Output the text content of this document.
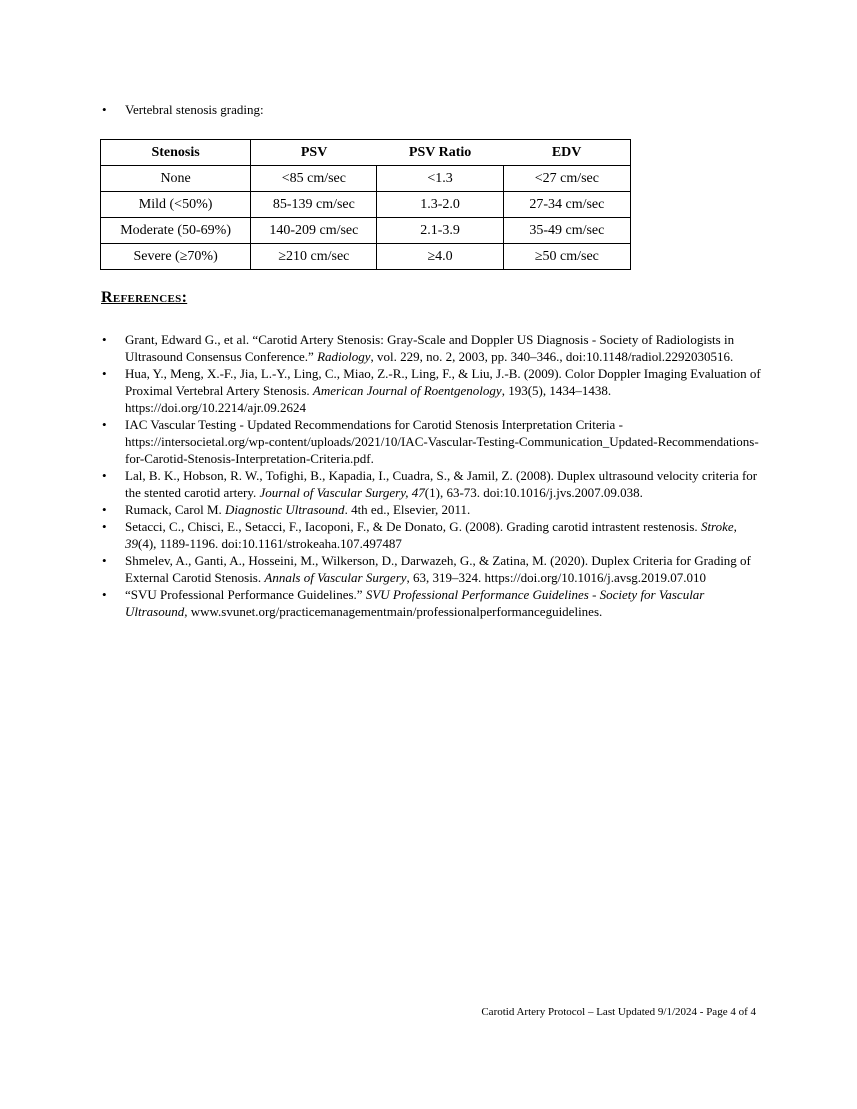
•	Vertebral stenosis grading:
Stenosis	PSV	PSV Ratio	EDV
None	<85 cm/sec	<1.3	<27 cm/sec
Mild (<50%)	85-139 cm/sec	1.3-2.0	27-34 cm/sec
Moderate (50-69%)	140-209 cm/sec	2.1-3.9	35-49 cm/sec
Severe (≥70%)	≥210 cm/sec	≥4.0	≥50 cm/sec
References:
•	Grant, Edward G., et al. “Carotid Artery Stenosis: Gray-Scale and Doppler US Diagnosis - Society of Radiologists in Ultrasound Consensus Conference.” Radiology, vol. 229, no. 2, 2003, pp. 340–346., doi:10.1148/radiol.2292030516.
•	Hua, Y., Meng, X.-F., Jia, L.-Y., Ling, C., Miao, Z.-R., Ling, F., & Liu, J.-B. (2009). Color Doppler Imaging Evaluation of Proximal Vertebral Artery Stenosis. American Journal of Roentgenology, 193(5), 1434–1438. https://doi.org/10.2214/ajr.09.2624
•	IAC Vascular Testing - Updated Recommendations for Carotid Stenosis Interpretation Criteria - https://intersocietal.org/wp-content/uploads/2021/10/IAC-Vascular-Testing-Communication_Updated-Recommendations-for-Carotid-Stenosis-Interpretation-Criteria.pdf.
•	Lal, B. K., Hobson, R. W., Tofighi, B., Kapadia, I., Cuadra, S., & Jamil, Z. (2008). Duplex ultrasound velocity criteria for the stented carotid artery. Journal of Vascular Surgery, 47(1), 63-73. doi:10.1016/j.jvs.2007.09.038.
•	Rumack, Carol M. Diagnostic Ultrasound. 4th ed., Elsevier, 2011.
•	Setacci, C., Chisci, E., Setacci, F., Iacoponi, F., & De Donato, G. (2008). Grading carotid intrastent restenosis. Stroke, 39(4), 1189-1196. doi:10.1161/strokeaha.107.497487
•	Shmelev, A., Ganti, A., Hosseini, M., Wilkerson, D., Darwazeh, G., & Zatina, M. (2020). Duplex Criteria for Grading of External Carotid Stenosis. Annals of Vascular Surgery, 63, 319–324. https://doi.org/10.1016/j.avsg.2019.07.010
•	“SVU Professional Performance Guidelines.” SVU Professional Performance Guidelines - Society for Vascular Ultrasound, www.svunet.org/practicemanagementmain/professionalperformanceguidelines.
Carotid Artery Protocol – Last Updated 9/1/2024 - Page 4 of 4
